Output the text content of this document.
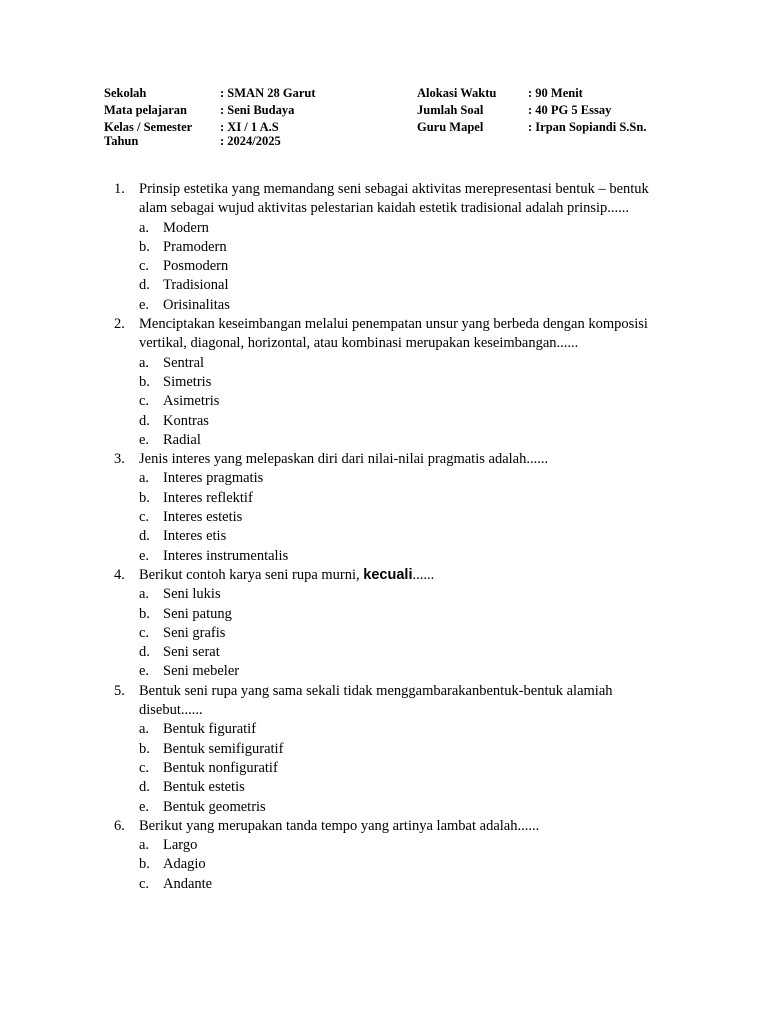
Sekolah	: SMAN 28 Garut	Alokasi Waktu	: 90 Menit
Mata pelajaran	: Seni Budaya	Jumlah Soal	: 40 PG 5 Essay
Kelas / Semester : XI / 1 A.S	Guru Mapel	: Irpan Sopiandi S.Sn.
Tahun	: 2024/2025
1. Prinsip estetika yang memandang seni sebagai aktivitas merepresentasi bentuk – bentuk alam sebagai wujud aktivitas pelestarian kaidah estetik tradisional adalah prinsip......
a. Modern
b. Pramodern
c. Posmodern
d. Tradisional
e. Orisinalitas
2. Menciptakan keseimbangan melalui penempatan unsur yang berbeda dengan komposisi vertikal, diagonal, horizontal, atau kombinasi merupakan keseimbangan......
a. Sentral
b. Simetris
c. Asimetris
d. Kontras
e. Radial
3. Jenis interes yang melepaskan diri dari nilai-nilai pragmatis adalah......
a. Interes pragmatis
b. Interes reflektif
c. Interes estetis
d. Interes etis
e. Interes instrumentalis
4. Berikut contoh karya seni rupa murni, kecuali......
a. Seni lukis
b. Seni patung
c. Seni grafis
d. Seni serat
e. Seni mebeler
5. Bentuk seni rupa yang sama sekali tidak menggambarakanbentuk-bentuk alamiah disebut......
a. Bentuk figuratif
b. Bentuk semifiguratif
c. Bentuk nonfiguratif
d. Bentuk estetis
e. Bentuk geometris
6. Berikut yang merupakan tanda tempo yang artinya lambat adalah......
a. Largo
b. Adagio
c. Andante
